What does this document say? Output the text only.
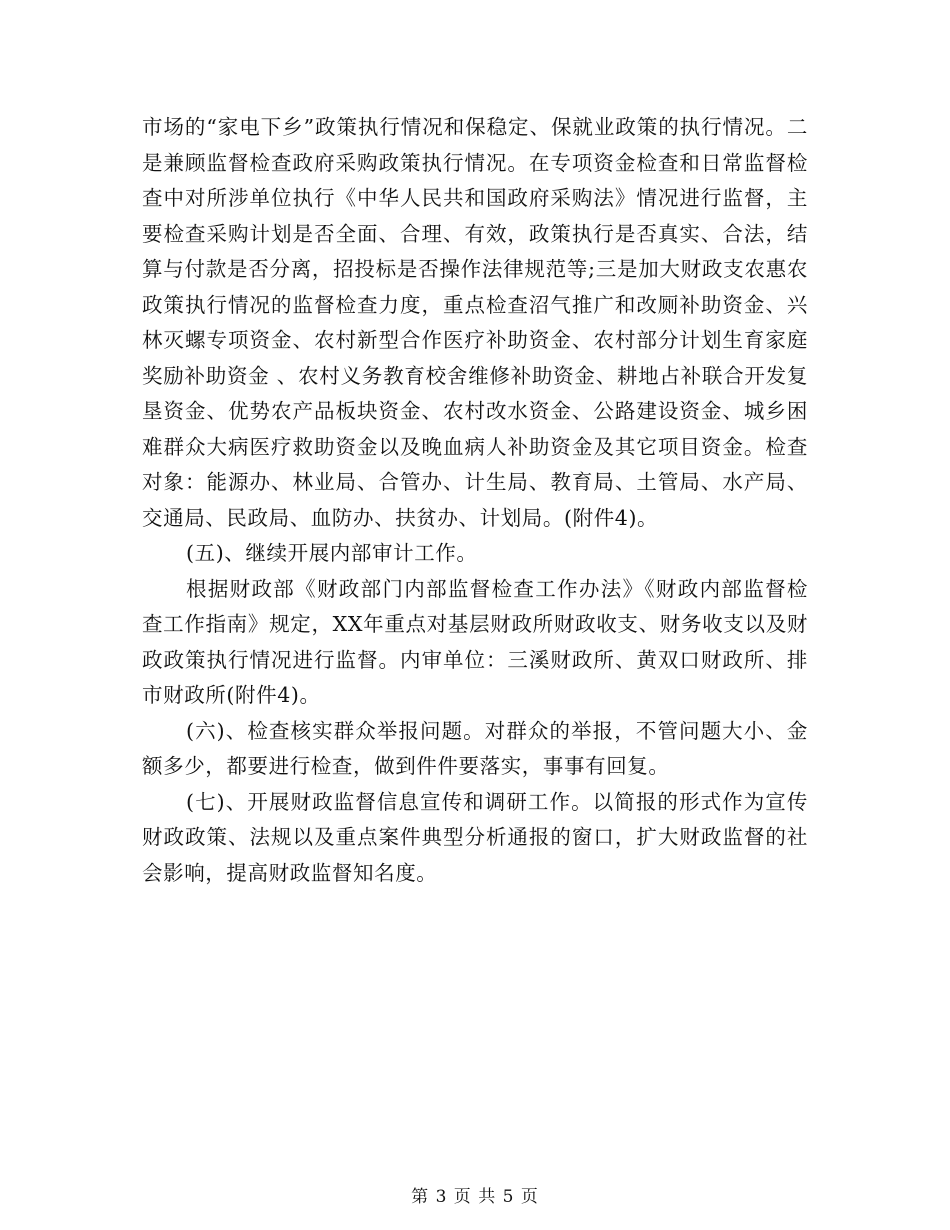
市场的“家电下乡”政策执行情况和保稳定、保就业政策的执行情况。二是兼顾监督检查政府采购政策执行情况。在专项资金检查和日常监督检查中对所涉单位执行《中华人民共和国政府采购法》情况进行监督，主要检查采购计划是否全面、合理、有效，政策执行是否真实、合法，结算与付款是否分离，招投标是否操作法律规范等;三是加大财政支农惠农政策执行情况的监督检查力度，重点检查沼气推广和改厕补助资金、兴林灭螺专项资金、农村新型合作医疗补助资金、农村部分计划生育家庭奖励补助资金 、农村义务教育校舍维修补助资金、耕地占补联合开发复垦资金、优势农产品板块资金、农村改水资金、公路建设资金、城乡困难群众大病医疗救助资金以及晚血病人补助资金及其它项目资金。检查对象：能源办、林业局、合管办、计生局、教育局、土管局、水产局、交通局、民政局、血防办、扶贫办、计划局。(附件4)。

(五)、继续开展内部审计工作。

根据财政部《财政部门内部监督检查工作办法》《财政内部监督检查工作指南》规定，XX年重点对基层财政所财政收支、财务收支以及财政政策执行情况进行监督。内审单位：三溪财政所、黄双口财政所、排市财政所(附件4)。

(六)、检查核实群众举报问题。对群众的举报，不管问题大小、金额多少，都要进行检查，做到件件要落实，事事有回复。

(七)、开展财政监督信息宣传和调研工作。以简报的形式作为宣传财政政策、法规以及重点案件典型分析通报的窗口，扩大财政监督的社会影响，提高财政监督知名度。

第 3 页 共 5 页
